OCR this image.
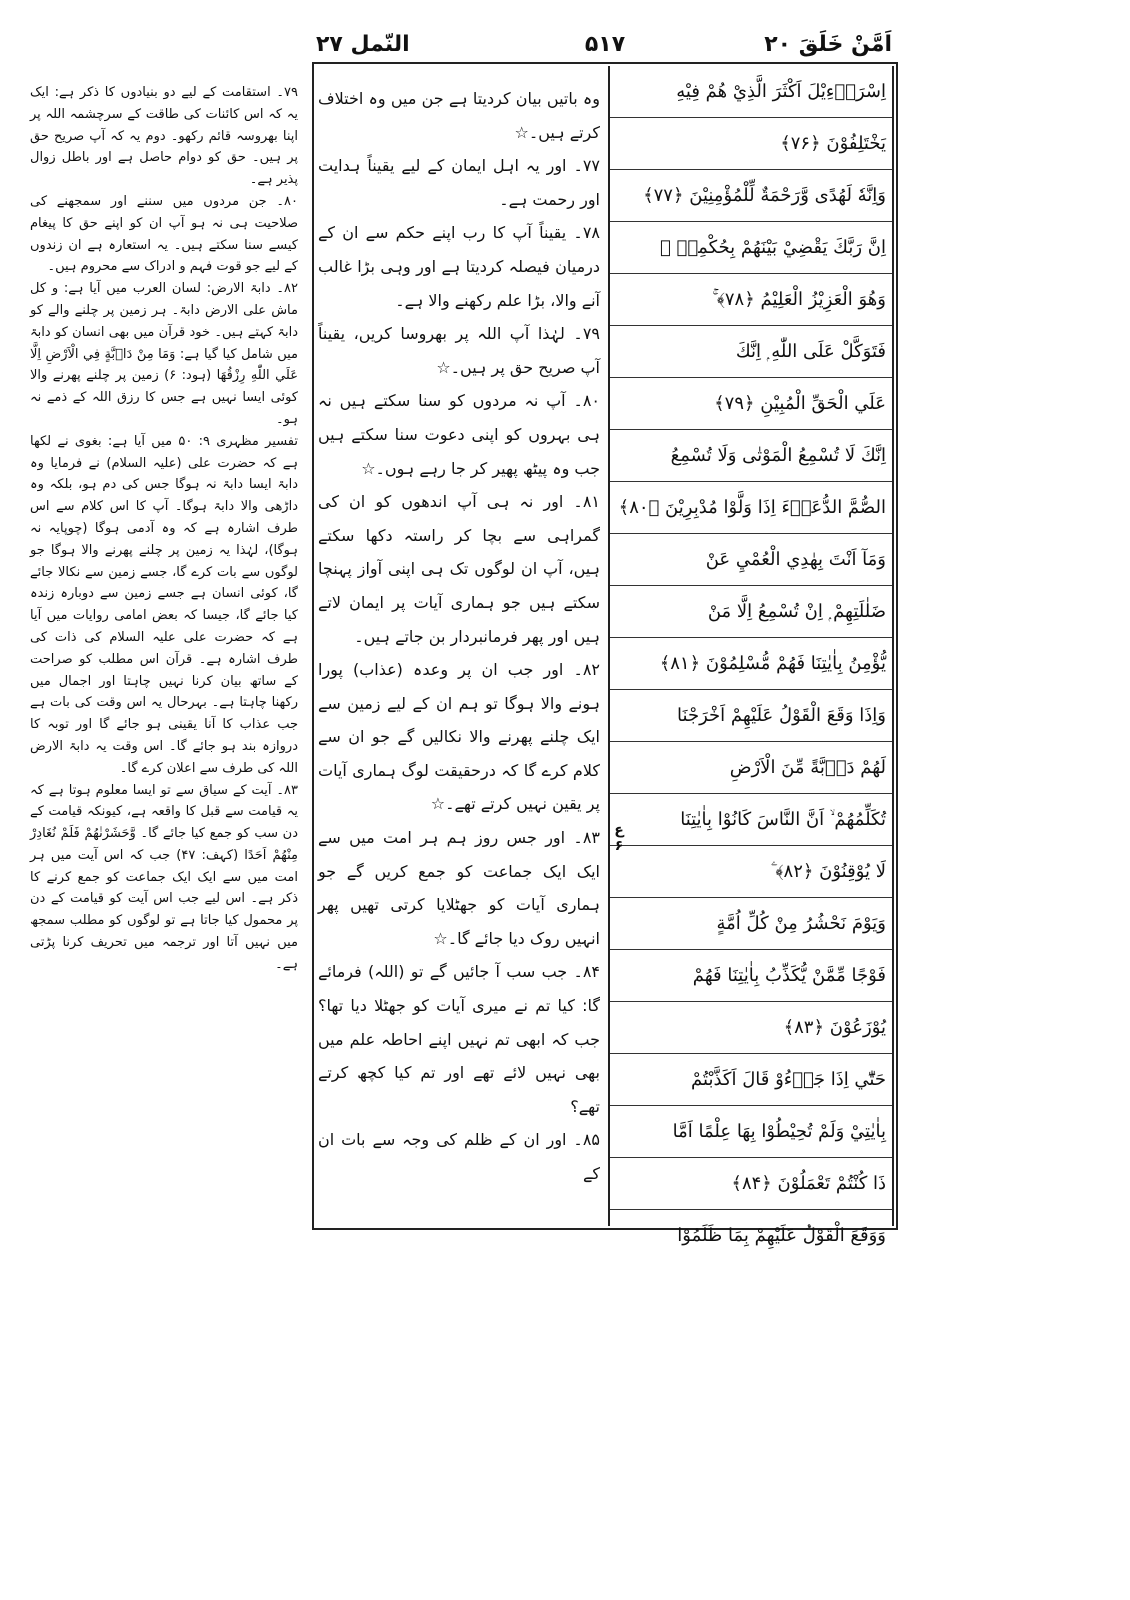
اَمَّنْ خَلَقَ ۲۰
۵۱۷
النّمل ۲۷
اِسْرَاۗءِيْلَ اَكْثَرَ الَّذِيْ هُمْ فِيْهِ
يَخْتَلِفُوْنَ ﴿۷۶﴾
وَاِنَّهٗ لَهُدًى وَّرَحْمَةٌ لِّلْمُؤْمِنِيْنَ ﴿۷۷﴾
اِنَّ رَبَّكَ يَقْضِيْ بَيْنَهُمْ بِحُكْمِهٖ ۚ
وَهُوَ الْعَزِيْزُ الْعَلِيْمُ ﴿۷۸﴾ ۚ
فَتَوَكَّلْ عَلَى اللّٰهِ ۭ اِنَّكَ
عَلَي الْحَقِّ الْمُبِيْنِ ﴿۷۹﴾
اِنَّكَ لَا تُسْمِعُ الْمَوْتٰى وَلَا تُسْمِعُ
الصُّمَّ الدُّعَاۗءَ اِذَا وَلَّوْا مُدْبِرِيْنَ ﴿۸۰﴾
وَمَآ اَنْتَ بِهٰدِي الْعُمْيِ عَنْ
ضَلٰلَتِهِمْ ۭ اِنْ تُسْمِعُ اِلَّا مَنْ
يُّؤْمِنُ بِاٰيٰتِنَا فَهُمْ مُّسْلِمُوْنَ ﴿۸۱﴾
وَاِذَا وَقَعَ الْقَوْلُ عَلَيْهِمْ اَخْرَجْنَا
لَهُمْ دَاۗبَّةً مِّنَ الْاَرْضِ
تُكَلِّمُهُمْ ۙ اَنَّ النَّاسَ كَانُوْا بِاٰيٰتِنَا
لَا يُوْقِنُوْنَ ﴿۸۲﴾ ۧ
وَيَوْمَ نَحْشُرُ مِنْ كُلِّ اُمَّةٍ
فَوْجًا مِّمَّنْ يُّكَذِّبُ بِاٰيٰتِنَا فَهُمْ
يُوْزَعُوْنَ ﴿۸۳﴾
حَتّٰٓي اِذَا جَاۗءُوْ قَالَ اَكَذَّبْتُمْ
بِاٰيٰتِيْ وَلَمْ تُحِيْطُوْا بِهَا عِلْمًا اَمَّا
ذَا كُنْتُمْ تَعْمَلُوْنَ ﴿۸۴﴾
وَوَقَعَ الْقَوْلُ عَلَيْهِمْ بِمَا ظَلَمُوْا
ع ۶

وہ باتیں بیان کردیتا ہے جن میں وہ اختلاف کرتے ہیں۔☆

۷۷۔ اور یہ اہل ایمان کے لیے یقیناً ہدایت اور رحمت ہے۔

۷۸۔ یقیناً آپ کا رب اپنے حکم سے ان کے درمیان فیصلہ کردیتا ہے اور وہی بڑا غالب آنے والا، بڑا علم رکھنے والا ہے۔

۷۹۔ لہٰذا آپ اللہ پر بھروسا کریں، یقیناً آپ صریح حق پر ہیں۔☆

۸۰۔ آپ نہ مردوں کو سنا سکتے ہیں نہ ہی بہروں کو اپنی دعوت سنا سکتے ہیں جب وہ پیٹھ پھیر کر جا رہے ہوں۔☆

۸۱۔ اور نہ ہی آپ اندھوں کو ان کی گمراہی سے بچا کر راستہ دکھا سکتے ہیں، آپ ان لوگوں تک ہی اپنی آواز پہنچا سکتے ہیں جو ہماری آیات پر ایمان لاتے ہیں اور پھر فرمانبردار بن جاتے ہیں۔

۸۲۔ اور جب ان پر وعدہ (عذاب) پورا ہونے والا ہوگا تو ہم ان کے لیے زمین سے ایک چلنے پھرنے والا نکالیں گے جو ان سے کلام کرے گا کہ درحقیقت لوگ ہماری آیات پر یقین نہیں کرتے تھے۔☆

۸۳۔ اور جس روز ہم ہر امت میں سے ایک ایک جماعت کو جمع کریں گے جو ہماری آیات کو جھٹلایا کرتی تھیں پھر انہیں روک دیا جائے گا۔☆

۸۴۔ جب سب آ جائیں گے تو (اللہ) فرمائے گا: کیا تم نے میری آیات کو جھٹلا دیا تھا؟ جب کہ ابھی تم نہیں اپنے احاطہ علم میں بھی نہیں لائے تھے اور تم کیا کچھ کرتے تھے؟

۸۵۔ اور ان کے ظلم کی وجہ سے بات ان کے

۷۹۔ استقامت کے لیے دو بنیادوں کا ذکر ہے: ایک یہ کہ اس کائنات کی طاقت کے سرچشمہ اللہ پر اپنا بھروسہ قائم رکھو۔ دوم یہ کہ آپ صریح حق پر ہیں۔ حق کو دوام حاصل ہے اور باطل زوال پذیر ہے۔

۸۰۔ جن مردوں میں سننے اور سمجھنے کی صلاحیت ہی نہ ہو آپ ان کو اپنے حق کا پیغام کیسے سنا سکتے ہیں۔ یہ استعارہ ہے ان زندوں کے لیے جو قوت فہم و ادراک سے محروم ہیں۔

۸۲۔ دابۃ الارض: لسان العرب میں آیا ہے: و کل ماش علی الارض دابۃ۔ ہر زمین پر چلنے والے کو دابۃ کہتے ہیں۔ خود قرآن میں بھی انسان کو دابۃ میں شامل کیا گیا ہے: وَمَا مِنْ دَاۗبَّةٍ فِي الْاَرْضِ اِلَّا عَلَي اللّٰهِ رِزْقُهَا (ہود: ۶) زمین پر چلنے پھرنے والا کوئی ایسا نہیں ہے جس کا رزق اللہ کے ذمے نہ ہو۔

تفسیر مظہری ۹: ۵۰ میں آیا ہے: بغوی نے لکھا ہے کہ حضرت علی (علیہ السلام) نے فرمایا وہ دابۃ ایسا دابۃ نہ ہوگا جس کی دم ہو، بلکہ وہ داڑھی والا دابۃ ہوگا۔ آپ کا اس کلام سے اس طرف اشارہ ہے کہ وہ آدمی ہوگا (چوپایہ نہ ہوگا)، لہٰذا یہ زمین پر چلنے پھرنے والا ہوگا جو لوگوں سے بات کرے گا، جسے زمین سے نکالا جائے گا، کوئی انسان ہے جسے زمین سے دوبارہ زندہ کیا جائے گا، جیسا کہ بعض امامی روایات میں آیا ہے کہ حضرت علی علیہ السلام کی ذات کی طرف اشارہ ہے۔ قرآن اس مطلب کو صراحت کے ساتھ بیان کرنا نہیں چاہتا اور اجمال میں رکھنا چاہتا ہے۔ بہرحال یہ اس وقت کی بات ہے جب عذاب کا آنا یقینی ہو جائے گا اور توبہ کا دروازہ بند ہو جائے گا۔ اس وقت یہ دابۃ الارض اللہ کی طرف سے اعلان کرے گا۔

۸۳۔ آیت کے سیاق سے تو ایسا معلوم ہوتا ہے کہ یہ قیامت سے قبل کا واقعہ ہے، کیونکہ قیامت کے دن سب کو جمع کیا جائے گا۔ وَّحَشَرْنٰهُمْ فَلَمْ نُغَادِرْ مِنْهُمْ اَحَدًا (کہف: ۴۷) جب کہ اس آیت میں ہر امت میں سے ایک ایک جماعت کو جمع کرنے کا ذکر ہے۔ اس لیے جب اس آیت کو قیامت کے دن پر محمول کیا جاتا ہے تو لوگوں کو مطلب سمجھ میں نہیں آتا اور ترجمہ میں تحریف کرنا پڑتی ہے۔
